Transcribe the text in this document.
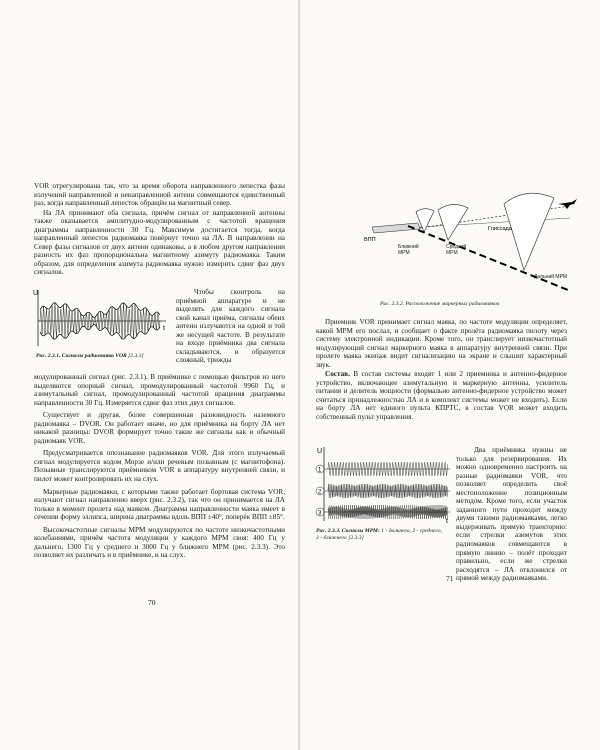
VOR отрегулирована так, что за время оборота направленного лепестка фазы излучений направленной и ненаправленной антенн совмещаются единственный раз, когда направленный лепесток обращён на магнитный север.

На ЛА принимают оба сигнала, причём сигнал от направленной антенны также оказывается амплитудно-модулированным с частотой вращения диаграммы направленности 30 Гц. Максимум достигается тогда, когда направленный лепесток радиомаяка повёрнут точно на ЛА. В направлении на Север фазы сигналов от двух антенн одинаковы, а в любом другом направлении разность их фаз пропорциональна магнитному азимуту радиомаяка. Таким образом, для определения азимута радиомаяка нужно измерить сдвиг фаз двух сигналов.

U
t
Рис. 2.3.1. Сигналы радиомаяка VOR [2.3.3]

Чтобы сконтроль на приёмной аппаратуре и не выделять для каждого сигнала свой канал приёма, сигналы обеих антенн излучаются на одной и той же несущей частоте. В результате на входе приёмника два сигнала складываются, и образуется сложный, трижды

модулированный сигнал (рис. 2.3.1). В приёмнике с помощью фильтров из него выделяются опорный сигнал, промодулированный частотой 9960 Гц, и азимутальный сигнал, промодулированный частотой вращения диаграммы направленности 30 Гц. Измеряется сдвиг фаз этих двух сигналов.

Существует и другая, более совершенная разновидность наземного радиомаяка – DVOR. Он работает иначе, но для приёмника на борту ЛА нет никакой разницы: DVOR формирует точно такие же сигналы как и обычный радиомаяк VOR.

Предусматривается опознавание радиомаяков VOR. Для этого излучаемый сигнал модулируется кодом Морзе и/или речевым позывным (с магнитофона). Позывные транслируются приёмником VOR в аппаратуру внутренней связи, и пилот может контролировать их на слух.

Маркерные радиомаяки, с которыми также работает бортовая система VOR, излучают сигнал направленно вверх (рис. 2.3.2), так что он принимается на ЛА только в момент пролета над маяком. Диаграмма направленности маяка имеет в сечении форму эллипса, ширина диаграммы вдоль ВПП ±40°, поперёк ВПП ±85°.

Высокочастотные сигналы МРМ модулируются по частоте низкочастотными колебаниями, причём частота модуляции у каждого МРМ своя: 400 Гц у дальнего, 1300 Гц у среднего и 3000 Гц у ближнего МРМ (рис. 2.3.3). Это позволяет их различать и в приёмнике, и на слух.

70
ВПП
Ближний МРМ
Средний МРМ
Глиссада
Дальний МРМ
Рис. 2.3.2. Расположение маркерных радиомаяков

Приемник VOR принимает сигнал маяка, по частоте модуляции определяет, какой МРМ его послал, и сообщает о факте пролёта радиомаяка пилоту через систему электронной индикации. Кроме того, он транслирует низкочастотный модулирующий сигнал маркерного маяка в аппаратуру внутренней связи. При пролете маяка экипаж видит сигнализацию на экране и слышит характерный звук.

Состав. В состав системы входят 1 или 2 приемника и антенно-фидерное устройство, включающее азимутальную и маркерную антенны, усилитель питания и делитель мощности (формально антенно-фидерное устройство может считаться принадлежностью ЛА и в комплект системы может не входить). Если на борту ЛА нет единого пульта КПРТС, в состав VOR может входить собственный пульт управления.

U
1
2
3
t
Рис. 2.3.3. Сигналы МРМ: 1 - дальнего, 2 - среднего, 3 - ближнего [2.3.3]

Два приёмника нужны не только для резервирования. Их можно одновременно настроить на разные радиомаяки VOR, что позволяет определить своё местоположение позиционным методом. Кроме того, если участок заданного пути проходит между двумя такими радиомаяками, легко выдерживать прямую траекторию: если стрелки азимутов этих радиомаяков совмещаются в прямую линию – полёт проходит правильно, если же стрелки расходятся – ЛА отклонился от прямой между радиомаяками.

71
